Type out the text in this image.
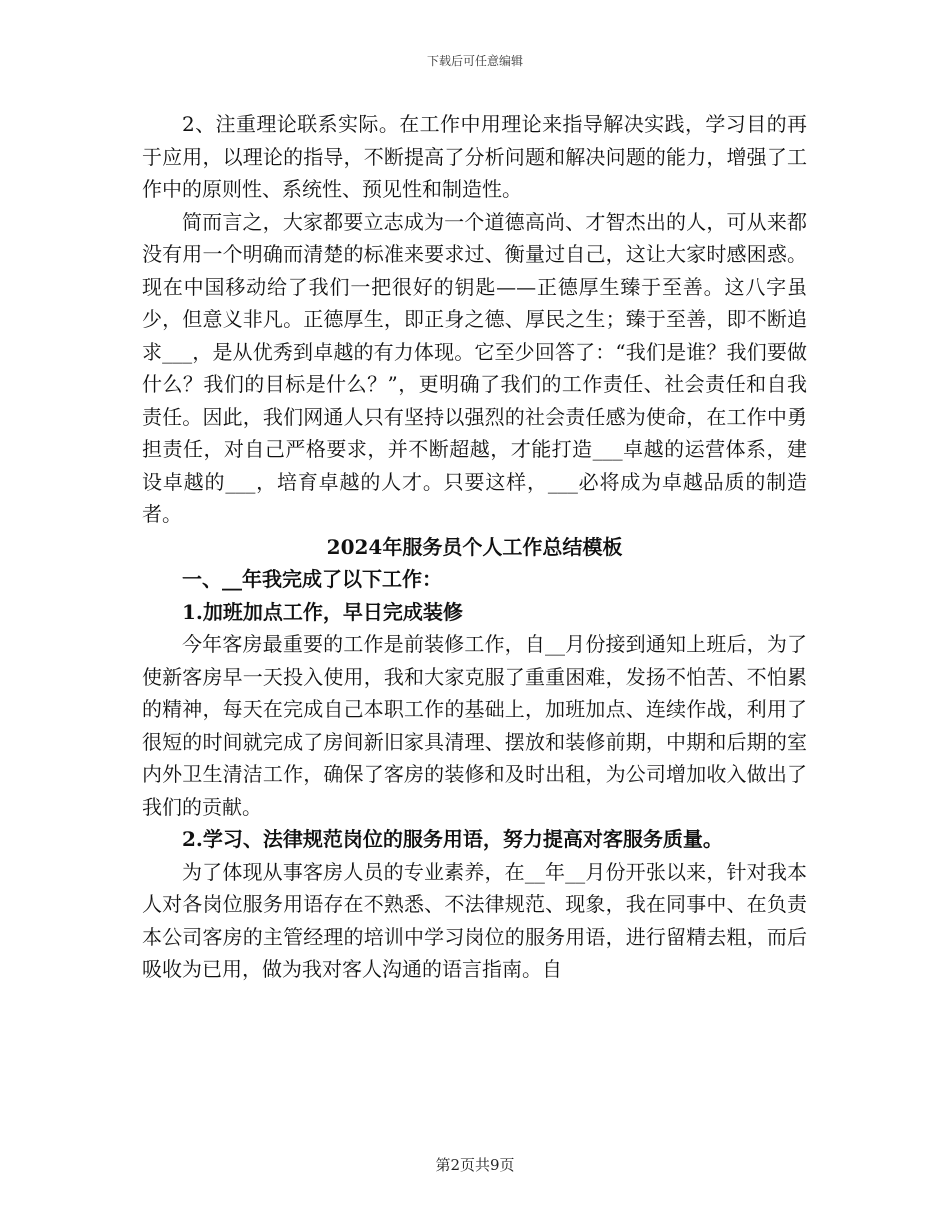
下载后可任意编辑

2、注重理论联系实际。在工作中用理论来指导解决实践，学习目的再于应用，以理论的指导，不断提高了分析问题和解决问题的能力，增强了工作中的原则性、系统性、预见性和制造性。

简而言之，大家都要立志成为一个道德高尚、才智杰出的人，可从来都没有用一个明确而清楚的标准来要求过、衡量过自己，这让大家时感困惑。现在中国移动给了我们一把很好的钥匙——正德厚生臻于至善。这八字虽少，但意义非凡。正德厚生，即正身之德、厚民之生；臻于至善，即不断追求___，是从优秀到卓越的有力体现。它至少回答了：“我们是谁？我们要做什么？我们的目标是什么？”，更明确了我们的工作责任、社会责任和自我责任。因此，我们网通人只有坚持以强烈的社会责任感为使命，在工作中勇担责任，对自己严格要求，并不断超越，才能打造___卓越的运营体系，建设卓越的___，培育卓越的人才。只要这样，___必将成为卓越品质的制造者。

2024年服务员个人工作总结模板

一、__年我完成了以下工作：

1.加班加点工作，早日完成装修

今年客房最重要的工作是前装修工作，自__月份接到通知上班后，为了使新客房早一天投入使用，我和大家克服了重重困难，发扬不怕苦、不怕累的精神，每天在完成自己本职工作的基础上，加班加点、连续作战，利用了很短的时间就完成了房间新旧家具清理、摆放和装修前期，中期和后期的室内外卫生清洁工作，确保了客房的装修和及时出租，为公司增加收入做出了我们的贡献。

2.学习、法律规范岗位的服务用语，努力提高对客服务质量。

为了体现从事客房人员的专业素养，在__年__月份开张以来，针对我本人对各岗位服务用语存在不熟悉、不法律规范、现象，我在同事中、在负责本公司客房的主管经理的培训中学习岗位的服务用语，进行留精去粗，而后吸收为已用，做为我对客人沟通的语言指南。自

第2页共9页
